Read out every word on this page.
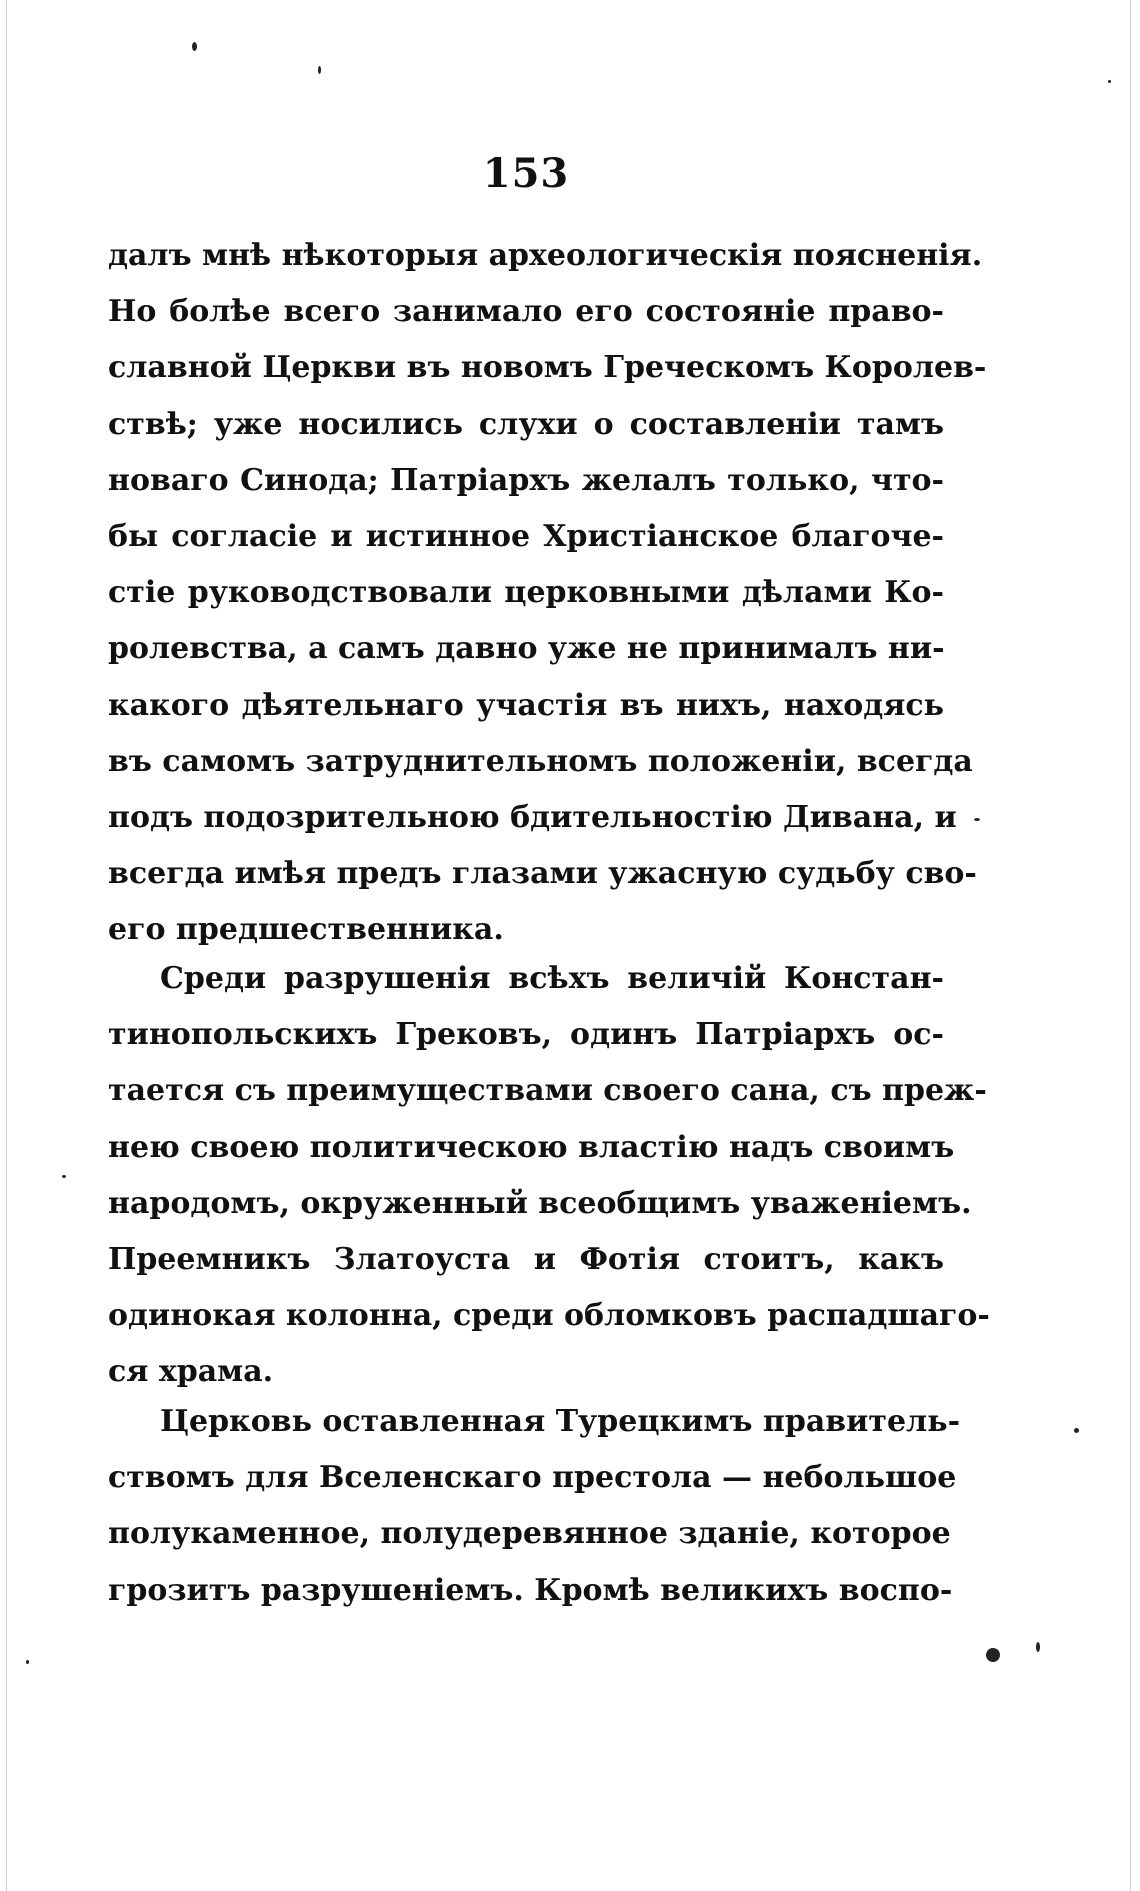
153
далъ мнѣ нѣкоторыя археологическія поясненія.
Но болѣе всего занимало его состояніе право-
славной Церкви въ новомъ Греческомъ Королев-
ствѣ; уже носились слухи о составленіи тамъ
новаго Синода; Патріархъ желалъ только, что-
бы согласіе и истинное Христіанское благоче-
стіе руководствовали церковными дѣлами Ко-
ролевства, а самъ давно уже не принималъ ни-
какого дѣятельнаго участія въ нихъ, находясь
въ самомъ затруднительномъ положеніи, всегда
подъ подозрительною бдительностію Дивана, и
всегда имѣя предъ глазами ужасную судьбу сво-
его предшественника.
Среди разрушенія всѣхъ величій Констан-
тинопольскихъ Грековъ, одинъ Патріархъ ос-
тается съ преимуществами своего сана, съ преж-
нею своею политическою властію надъ своимъ
народомъ, окруженный всеобщимъ уваженіемъ.
Преемникъ Златоуста и Фотія стоитъ, какъ
одинокая колонна, среди обломковъ распадшаго-
ся храма.
Церковь оставленная Турецкимъ правитель-
ствомъ для Вселенскаго престола — небольшое
полукаменное, полудеревянное зданіе, которое
грозитъ разрушеніемъ. Кромѣ великихъ воспо-
